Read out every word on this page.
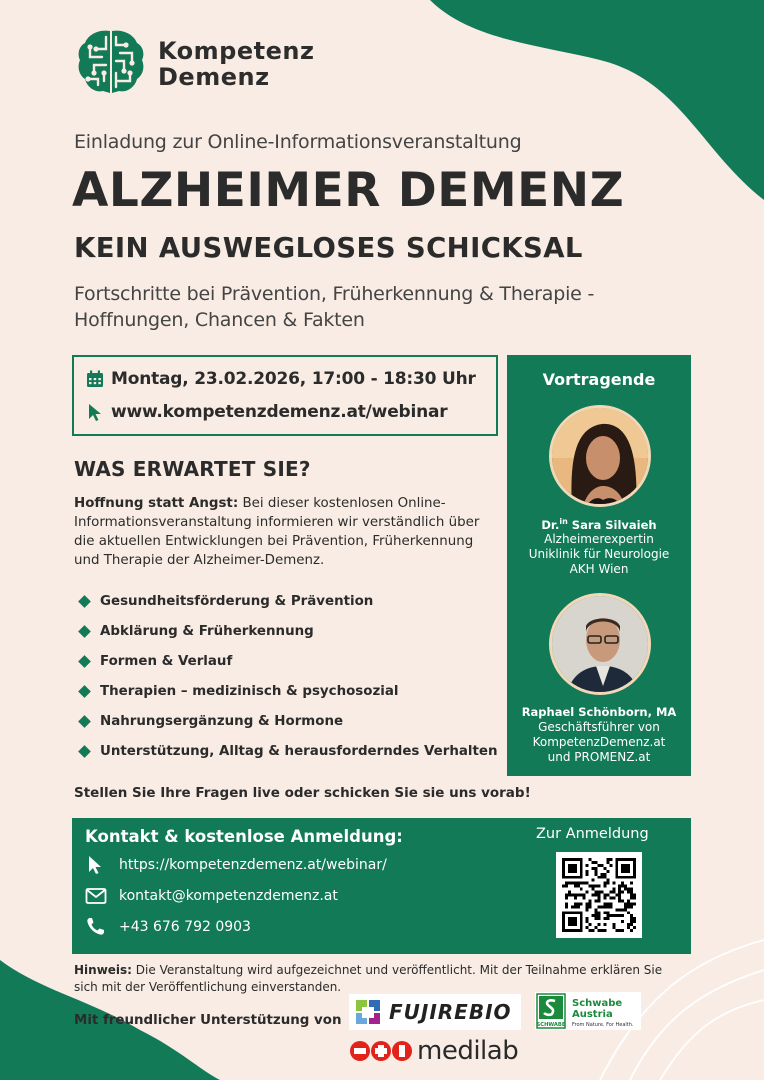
Kompetenz
Demenz
Einladung zur Online-Informationsveranstaltung
ALZHEIMER DEMENZ
KEIN AUSWEGLOSES SCHICKSAL
Fortschritte bei Prävention, Früherkennung & Therapie -
Hoffnungen, Chancen & Fakten
Montag, 23.02.2026, 17:00 - 18:30 Uhr
www.kompetenzdemenz.at/webinar
Vortragende
Dr.$^{in}$ Sara Silvaieh
Alzheimerexpertin
Uniklinik für Neurologie
AKH Wien
Raphael Schönborn, MA
Geschäftsführer von
KompetenzDemenz.at
und PROMENZ.at
WAS ERWARTET SIE?
Hoffnung statt Angst: Bei dieser kostenlosen Online-Informationsveranstaltung informieren wir verständlich über die aktuellen Entwicklungen bei Prävention, Früherkennung und Therapie der Alzheimer-Demenz.
Gesundheitsförderung & Prävention
Abklärung & Früherkennung
Formen & Verlauf
Therapien – medizinisch & psychosozial
Nahrungsergänzung & Hormone
Unterstützung, Alltag & herausforderndes Verhalten
Stellen Sie Ihre Fragen live oder schicken Sie sie uns vorab!
Kontakt & kostenlose Anmeldung:
https://kompetenzdemenz.at/webinar/
kontakt@kompetenzdemenz.at
+43 676 792 0903
Zur Anmeldung
Hinweis: Die Veranstaltung wird aufgezeichnet und veröffentlicht. Mit der Teilnahme erklären Sie sich mit der Veröffentlichung einverstanden.
Mit freundlicher Unterstützung von FUJIREBIO
SCHWABE
Schwabe
Austria
From Nature. For Health.
medilab
